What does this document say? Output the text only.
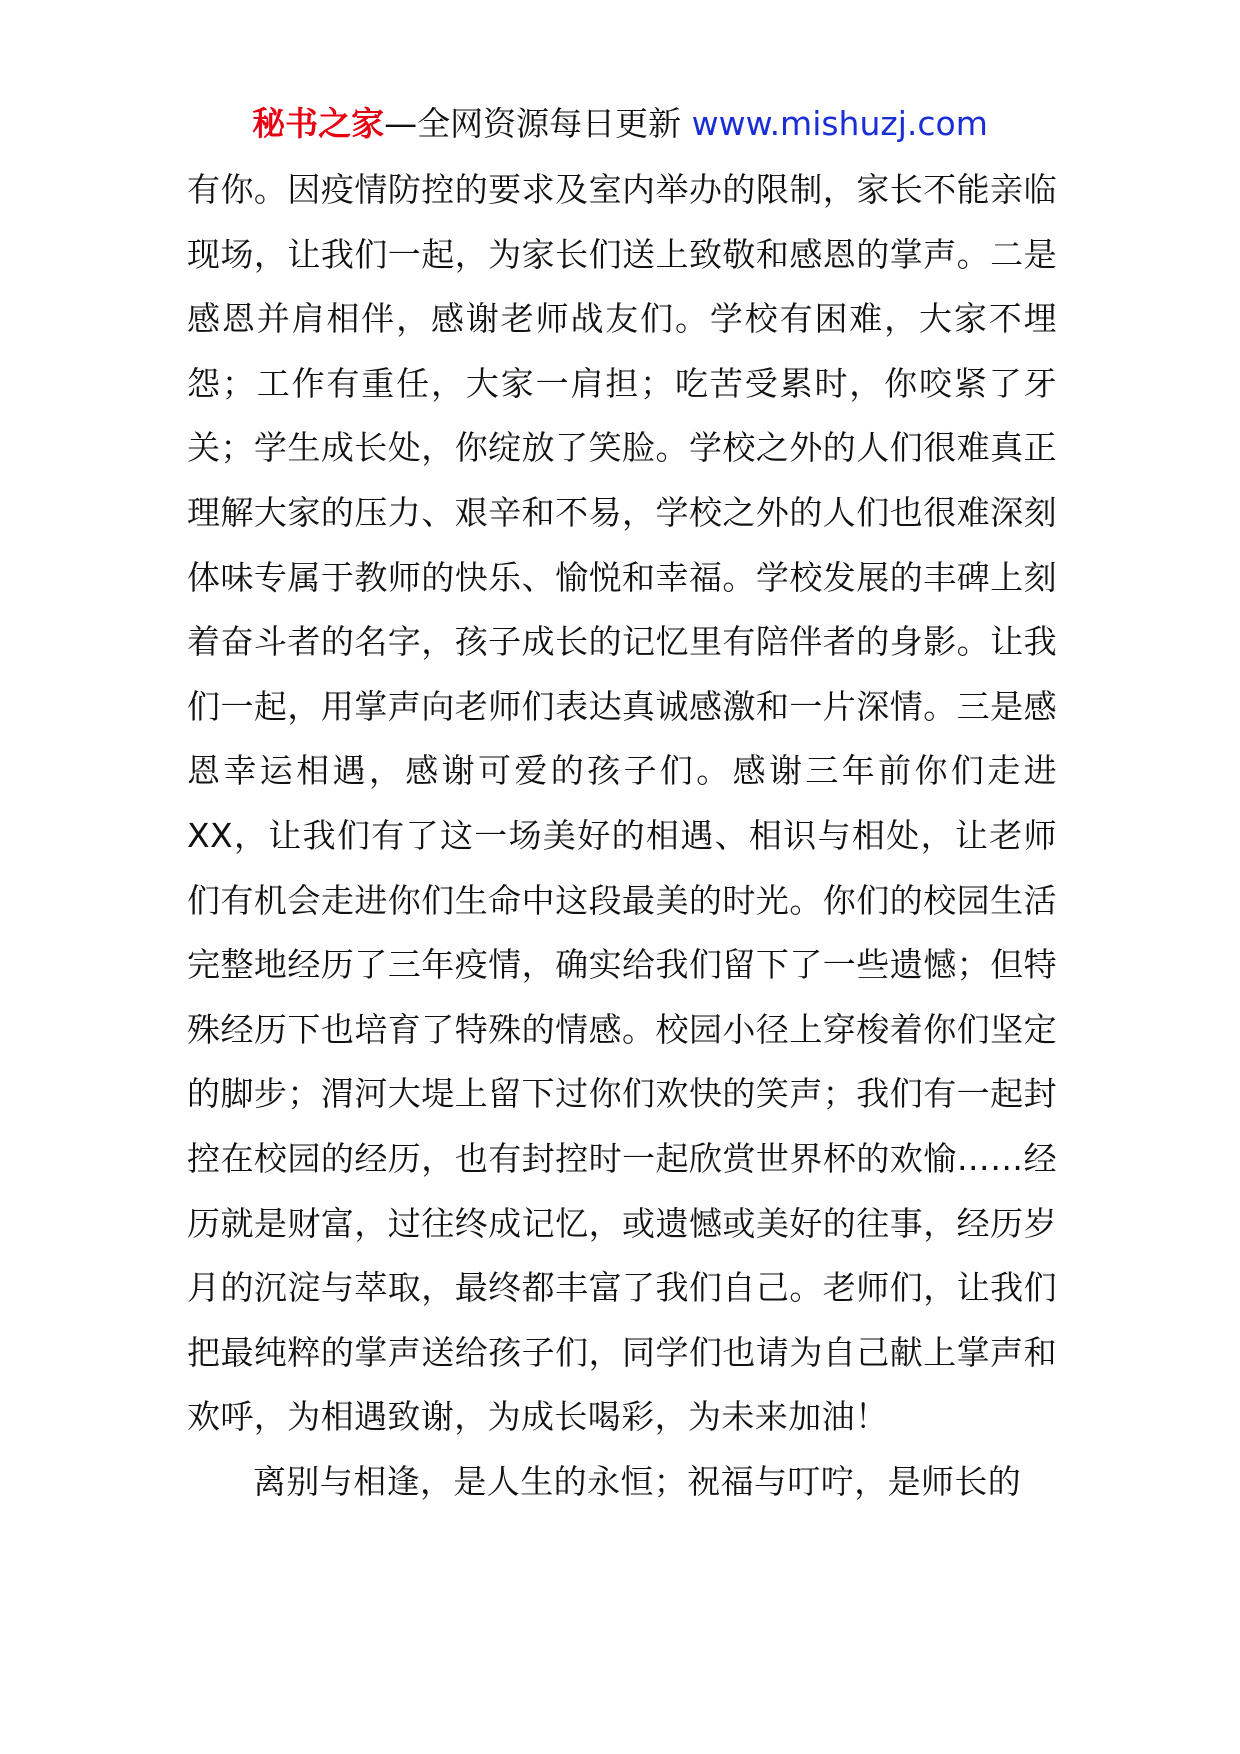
秘书之家—全网资源每日更新 www.mishuzj.com

有你。因疫情防控的要求及室内举办的限制，家长不能亲临现场，让我们一起，为家长们送上致敬和感恩的掌声。二是感恩并肩相伴，感谢老师战友们。学校有困难，大家不埋怨；工作有重任，大家一肩担；吃苦受累时，你咬紧了牙关；学生成长处，你绽放了笑脸。学校之外的人们很难真正理解大家的压力、艰辛和不易，学校之外的人们也很难深刻体味专属于教师的快乐、愉悦和幸福。学校发展的丰碑上刻着奋斗者的名字，孩子成长的记忆里有陪伴者的身影。让我们一起，用掌声向老师们表达真诚感激和一片深情。三是感恩幸运相遇，感谢可爱的孩子们。感谢三年前你们走进 XX，让我们有了这一场美好的相遇、相识与相处，让老师们有机会走进你们生命中这段最美的时光。你们的校园生活完整地经历了三年疫情，确实给我们留下了一些遗憾；但特殊经历下也培育了特殊的情感。校园小径上穿梭着你们坚定的脚步；渭河大堤上留下过你们欢快的笑声；我们有一起封控在校园的经历，也有封控时一起欣赏世界杯的欢愉……经历就是财富，过往终成记忆，或遗憾或美好的往事，经历岁月的沉淀与萃取，最终都丰富了我们自己。老师们，让我们把最纯粹的掌声送给孩子们，同学们也请为自己献上掌声和欢呼，为相遇致谢，为成长喝彩，为未来加油！

离别与相逢，是人生的永恒；祝福与叮咛，是师长的
